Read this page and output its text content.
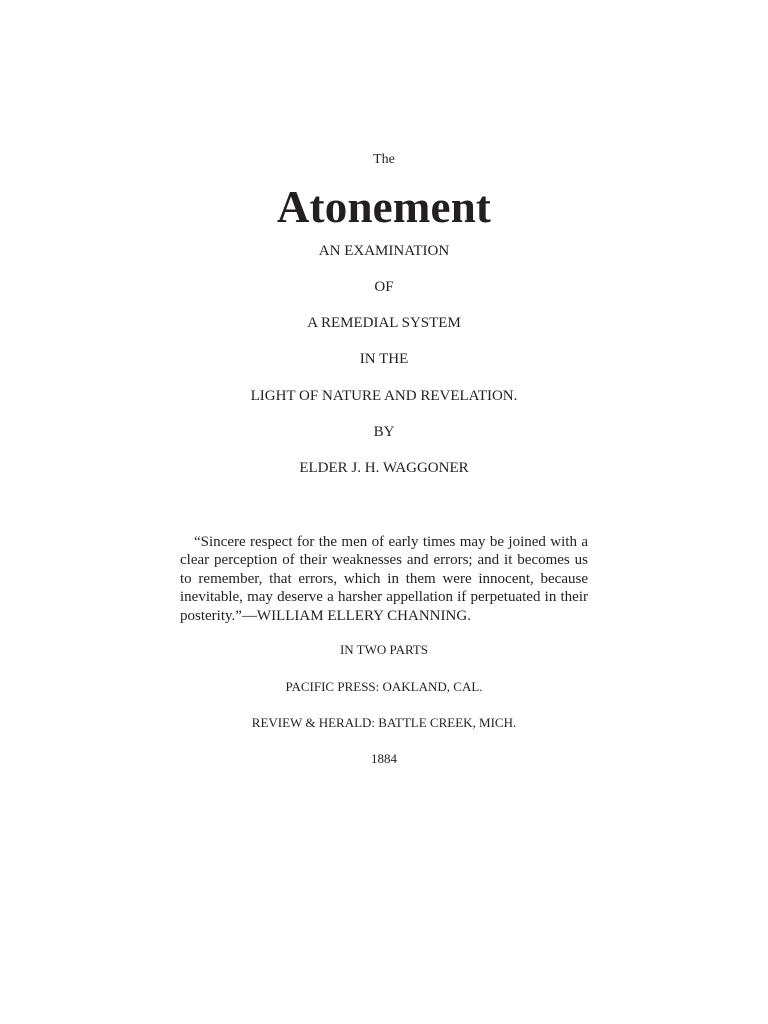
The

Atonement

AN EXAMINATION

OF

A REMEDIAL SYSTEM

IN THE

LIGHT OF NATURE AND REVELATION.

BY

ELDER J. H. WAGGONER

“Sincere respect for the men of early times may be joined with a clear perception of their weaknesses and errors; and it becomes us to remember, that errors, which in them were innocent, because inevitable, may deserve a harsher appellation if perpetuated in their posterity.”—WILLIAM ELLERY CHANNING.

IN TWO PARTS

PACIFIC PRESS: OAKLAND, CAL.

REVIEW & HERALD: BATTLE CREEK, MICH.

1884
